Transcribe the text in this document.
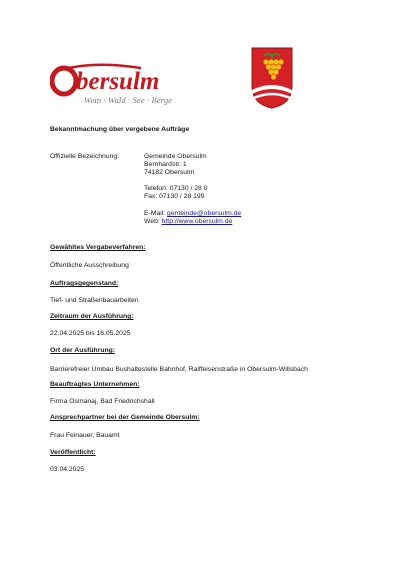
bersulm
Wein · Wald · See · Berge
Bekanntmachung über vergebene Aufträge
Offizielle Bezeichnung:	Gemeinde Obersulm
Bernhardstr. 1
74182 Obersulm
Telefon: 07130 / 28 0
Fax: 07130 / 28 199
E-Mail: gemeinde@obersulm.de
Web: http://www.obersulm.de
Gewähltes Vergabeverfahren:
Öffentliche Ausschreibung
Auftragsgegenstand:
Tief- und Straßenbauarbeiten
Zeitraum der Ausführung:
22.04.2025 bis 16.05.2025
Ort der Ausführung:
Barrierefreier Umbau Bushaltestelle Bahnhof, Raiffeisenstraße in Obersulm-Willsbach
Beauftragtes Unternehmen:
Firma Osmanaj, Bad Friedrichshall
Ansprechpartner bei der Gemeinde Obersulm:
Frau Feinauer, Bauamt
Veröffentlicht:
03.04.2025
